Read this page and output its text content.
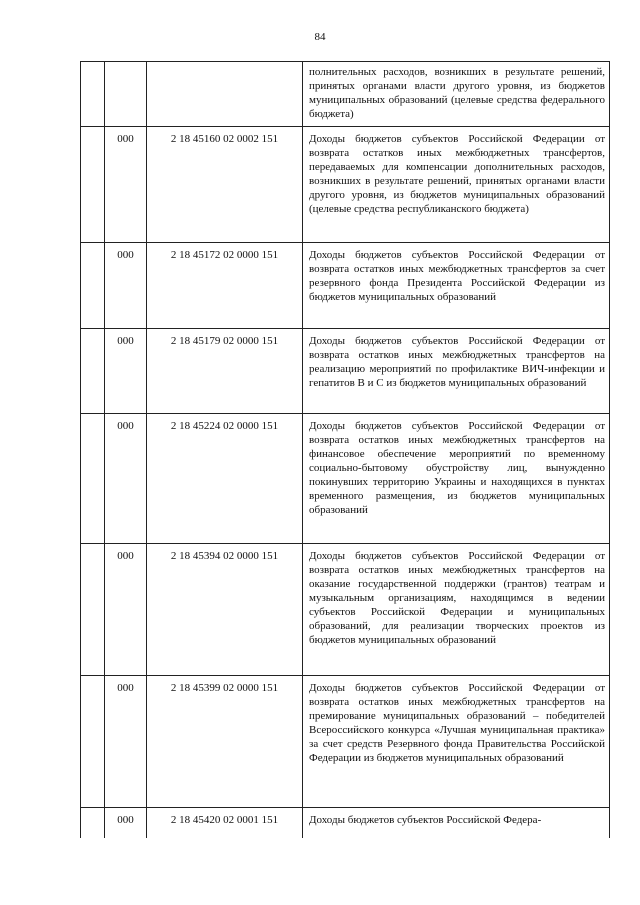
84
			полнительных расходов, возникших в результате решений, принятых органами власти другого уровня, из бюджетов муниципальных образований (целевые средства федерального бюджета)
	000	2 18 45160 02 0002 151	Доходы бюджетов субъектов Российской Федерации от возврата остатков иных межбюджетных трансфертов, передаваемых для компенсации дополнительных расходов, возникших в результате решений, принятых органами власти другого уровня, из бюджетов муниципальных образований (целевые средства республиканского бюджета)
	000	2 18 45172 02 0000 151	Доходы бюджетов субъектов Российской Федерации от возврата остатков иных межбюджетных трансфертов за счет резервного фонда Президента Российской Федерации из бюджетов муниципальных образований
	000	2 18 45179 02 0000 151	Доходы бюджетов субъектов Российской Федерации от возврата остатков иных межбюджетных трансфертов на реализацию мероприятий по профилактике ВИЧ-инфекции и гепатитов B и C из бюджетов муниципальных образований
	000	2 18 45224 02 0000 151	Доходы бюджетов субъектов Российской Федерации от возврата остатков иных межбюджетных трансфертов на финансовое обеспечение мероприятий по временному социально-бытовому обустройству лиц, вынужденно покинувших территорию Украины и находящихся в пунктах временного размещения, из бюджетов муниципальных образований
	000	2 18 45394 02 0000 151	Доходы бюджетов субъектов Российской Федерации от возврата остатков иных межбюджетных трансфертов на оказание государственной поддержки (грантов) театрам и музыкальным организациям, находящимся в ведении субъектов Российской Федерации и муниципальных образований, для реализации творческих проектов из бюджетов муниципальных образований
	000	2 18 45399 02 0000 151	Доходы бюджетов субъектов Российской Федерации от возврата остатков иных межбюджетных трансфертов на премирование муниципальных образований – победителей Всероссийского конкурса «Лучшая муниципальная практика» за счет средств Резервного фонда Правительства Российской Федерации из бюджетов муниципальных образований
	000	2 18 45420 02 0001 151	Доходы бюджетов субъектов Российской Федера-
